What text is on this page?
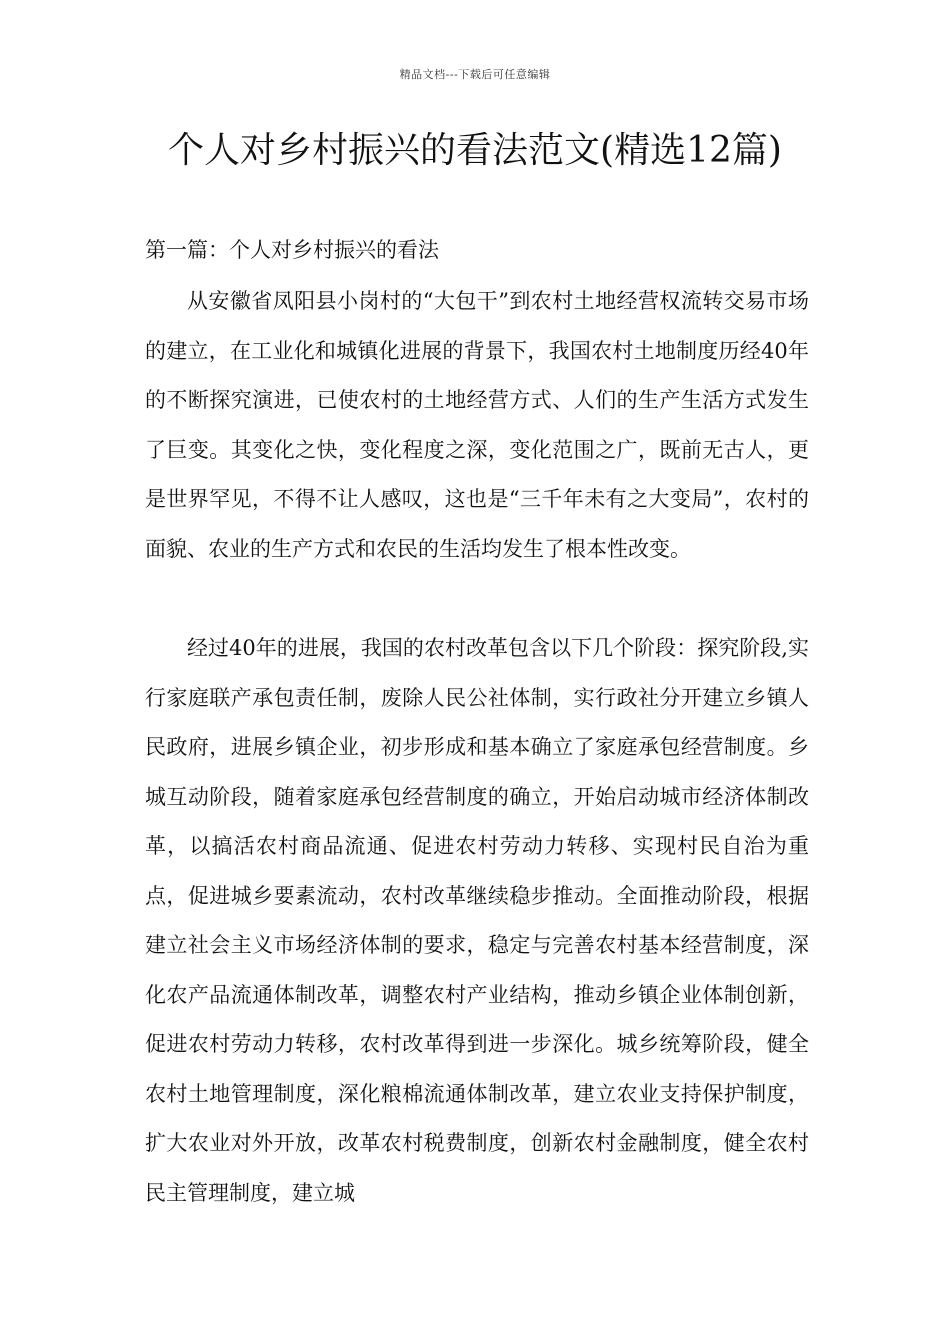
精品文档---下载后可任意编辑
个人对乡村振兴的看法范文(精选12篇)
第一篇：个人对乡村振兴的看法

从安徽省凤阳县小岗村的“大包干”到农村土地经营权流转交易市场的建立，在工业化和城镇化进展的背景下，我国农村土地制度历经40年的不断探究演进，已使农村的土地经营方式、人们的生产生活方式发生了巨变。其变化之快，变化程度之深，变化范围之广，既前无古人，更是世界罕见，不得不让人感叹，这也是“三千年未有之大变局”，农村的面貌、农业的生产方式和农民的生活均发生了根本性改变。

经过40年的进展，我国的农村改革包含以下几个阶段：探究阶段,实行家庭联产承包责任制，废除人民公社体制，实行政社分开建立乡镇人民政府，进展乡镇企业，初步形成和基本确立了家庭承包经营制度。乡城互动阶段，随着家庭承包经营制度的确立，开始启动城市经济体制改革，以搞活农村商品流通、促进农村劳动力转移、实现村民自治为重点，促进城乡要素流动，农村改革继续稳步推动。全面推动阶段，根据建立社会主义市场经济体制的要求，稳定与完善农村基本经营制度，深化农产品流通体制改革，调整农村产业结构，推动乡镇企业体制创新，促进农村劳动力转移，农村改革得到进一步深化。城乡统筹阶段，健全农村土地管理制度，深化粮棉流通体制改革，建立农业支持保护制度，扩大农业对外开放，改革农村税费制度，创新农村金融制度，健全农村民主管理制度，建立城
